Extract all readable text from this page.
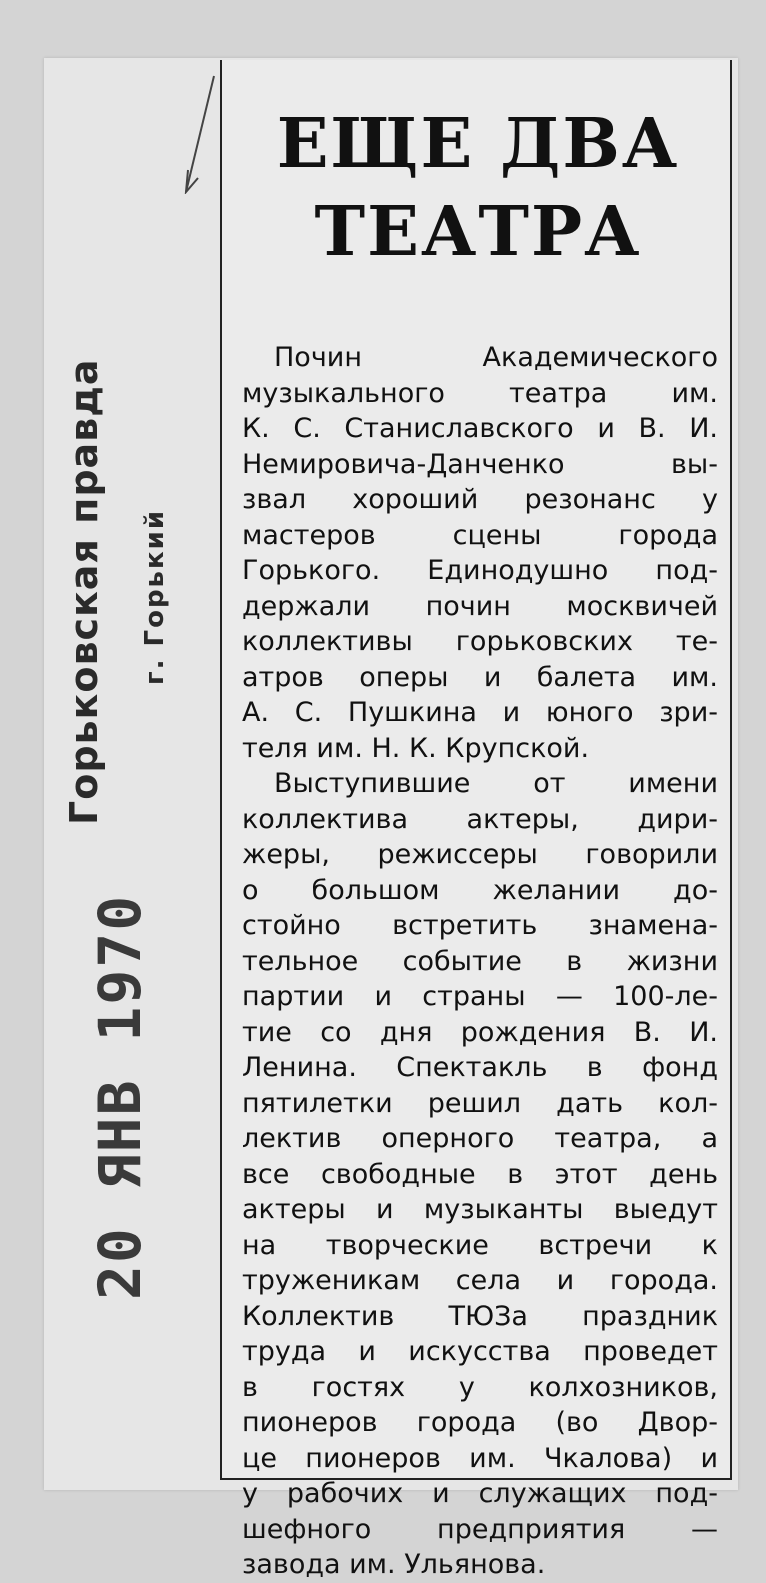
Горьковская правда г. Горький
20 ЯНВ 1970
ЕЩЕ ДВА
ТЕАТРА

Почин Академического
музыкального театра им.
К. С. Станиславского и В. И.
Немировича-Данченко вы-
звал хороший резонанс у
мастеров сцены города
Горького. Единодушно под-
держали почин москвичей
коллективы горьковских те-
атров оперы и балета им.
А. С. Пушкина и юного зри-
теля им. Н. К. Крупской.

Выступившие от имени
коллектива актеры, дири-
жеры, режиссеры говорили
о большом желании до-
стойно встретить знамена-
тельное событие в жизни
партии и страны — 100-ле-
тие со дня рождения В. И.
Ленина. Спектакль в фонд
пятилетки решил дать кол-
лектив оперного театра, а
все свободные в этот день
актеры и музыканты выедут
на творческие встречи к
труженикам села и города.
Коллектив ТЮЗа праздник
труда и искусства проведет
в гостях у колхозников,
пионеров города (во Двор-
це пионеров им. Чкалова) и
у рабочих и служащих под-
шефного предприятия —
завода им. Ульянова.
